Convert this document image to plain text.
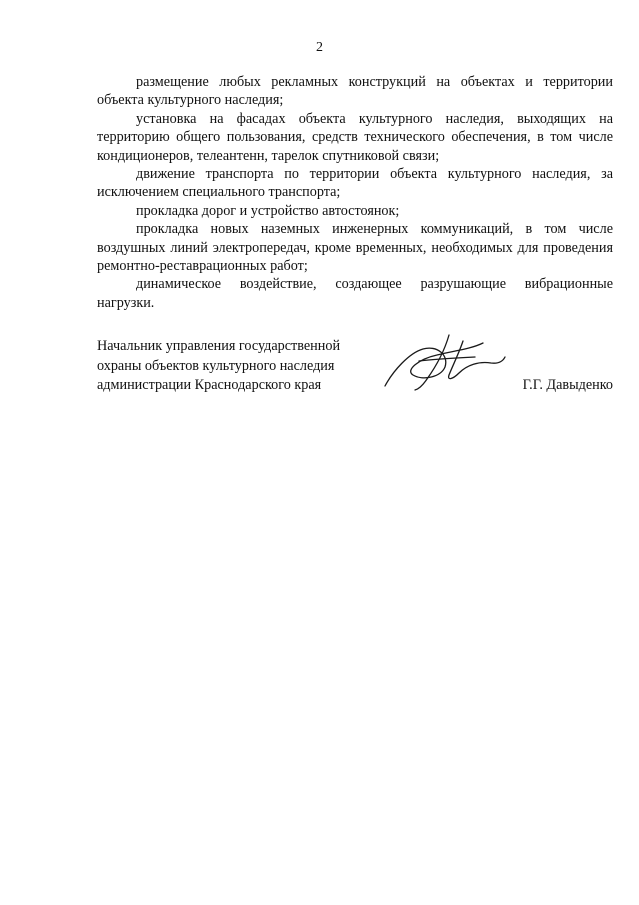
2

размещение любых рекламных конструкций на объектах и территории объекта культурного наследия;

установка на фасадах объекта культурного наследия, выходящих на территорию общего пользования, средств технического обеспечения, в том числе кондиционеров, телеантенн, тарелок спутниковой связи;

движение транспорта по территории объекта культурного наследия, за исключением специального транспорта;

прокладка дорог и устройство автостоянок;

прокладка новых наземных инженерных коммуникаций, в том числе воздушных линий электропередач, кроме временных, необходимых для проведения ремонтно-реставрационных работ;

динамическое воздействие, создающее разрушающие вибрационные нагрузки.

Начальник управления государственной
охраны объектов культурного наследия
администрации Краснодарского края	Г.Г. Давыденко
